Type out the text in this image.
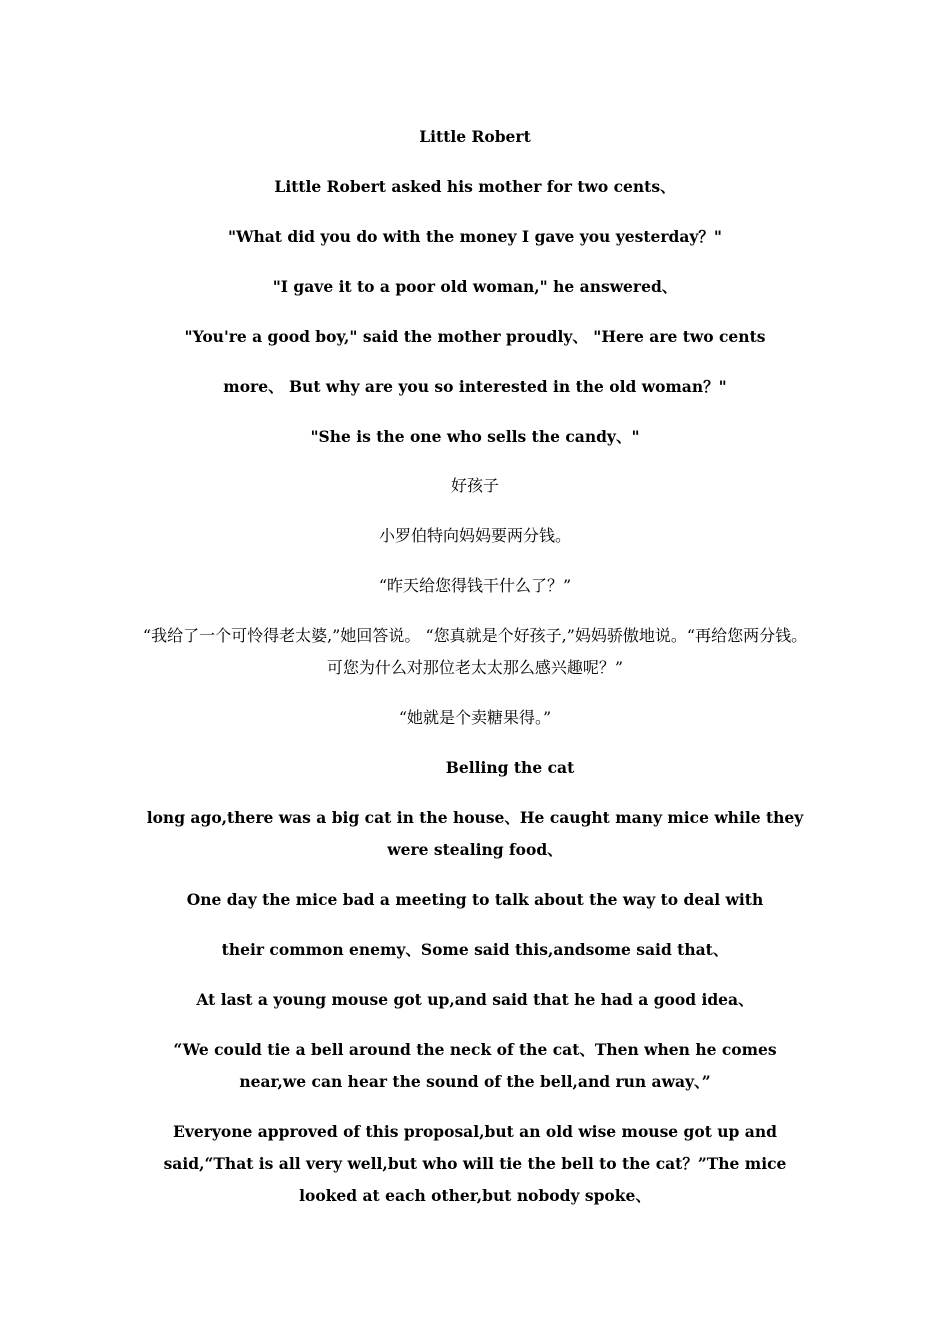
Little Robert
Little Robert asked his mother for two cents、
"What did you do with the money I gave you yesterday？"
"I gave it to a poor old woman," he answered、
"You're a good boy," said the mother proudly、 "Here are two cents
more、 But why are you so interested in the old woman？"
"She is the one who sells the candy、"
好孩子
小罗伯特向妈妈要两分钱。
“昨天给您得钱干什么了？”
“我给了一个可怜得老太婆,”她回答说。 “您真就是个好孩子,”妈妈骄傲地说。“再给您两分钱。可您为什么对那位老太太那么感兴趣呢？”
“她就是个卖糖果得。”
Belling the cat
long ago,there was a big cat in the house、He caught many mice while they were stealing food、
One day the mice bad a meeting to talk about the way to deal with
their common enemy、Some said this,andsome said that、
At last a young mouse got up,and said that he had a good idea、
“We could tie a bell around the neck of the cat、Then when he comes near,we can hear the sound of the bell,and run away、”
Everyone approved of this proposal,but an old wise mouse got up and said,“That is all very well,but who will tie the bell to the cat？”The mice looked at each other,but nobody spoke、
